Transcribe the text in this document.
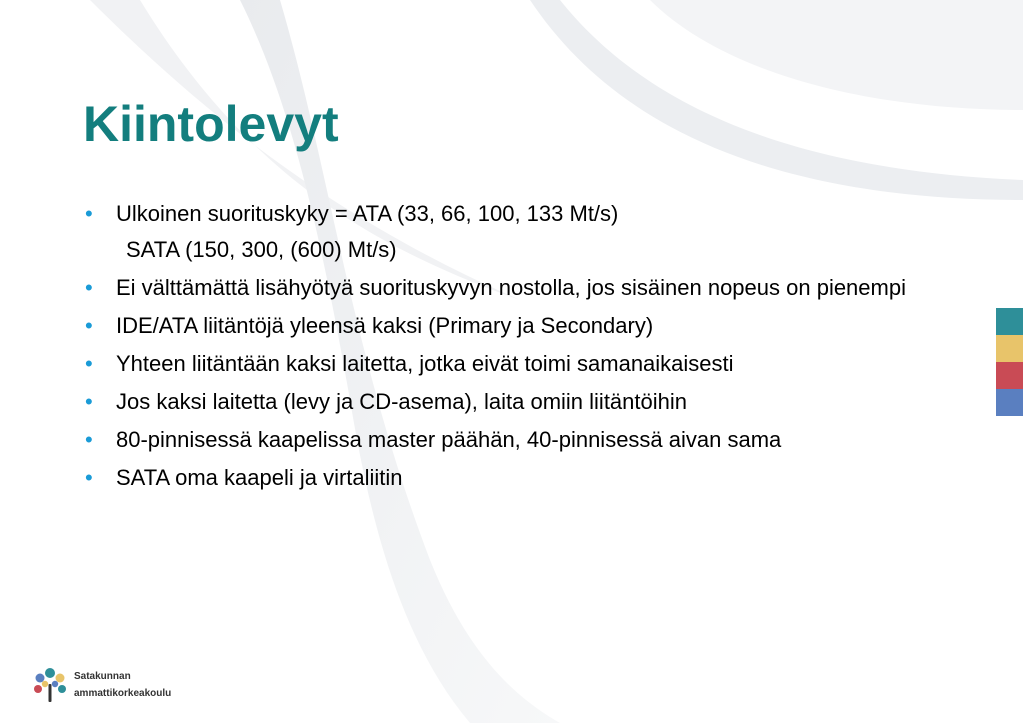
Kiintolevyt
• Ulkoinen suorituskyky = ATA (33, 66, 100, 133 Mt/s)
SATA (150, 300, (600) Mt/s)
• Ei välttämättä lisähyötyä suorituskyvyn nostolla, jos sisäinen nopeus on pienempi
• IDE/ATA liitäntöjä yleensä kaksi (Primary ja Secondary)
• Yhteen liitäntään kaksi laitetta, jotka eivät toimi samanaikaisesti
• Jos kaksi laitetta (levy ja CD-asema), laita omiin liitäntöihin
• 80-pinnisessä kaapelissa master päähän, 40-pinnisessä aivan sama
• SATA oma kaapeli ja virtaliitin
Satakunnan
ammattikorkeakoulu
